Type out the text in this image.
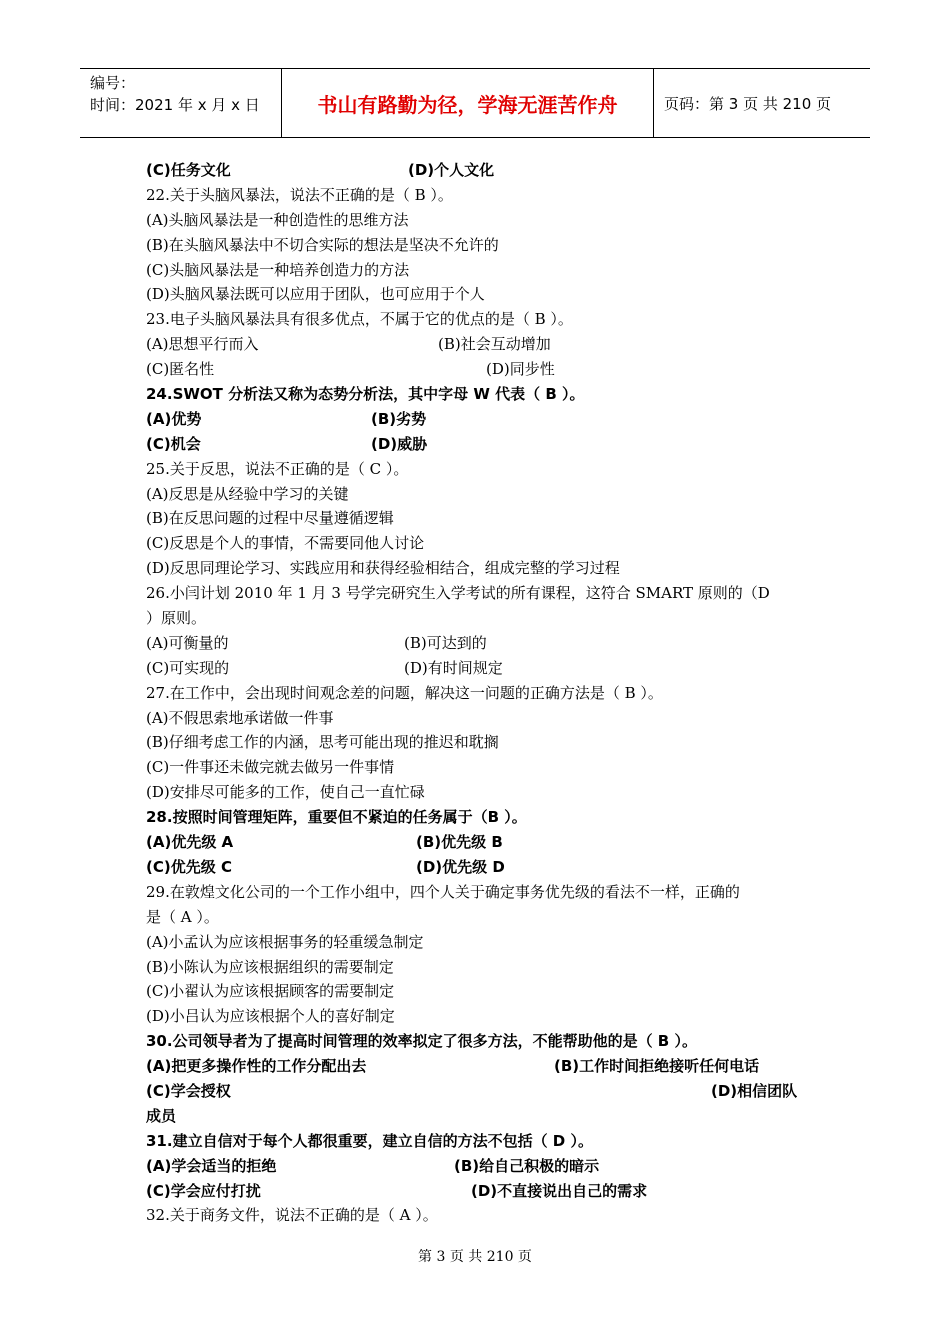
编号：
时间：2021 年 x 月 x 日	书山有路勤为径，学海无涯苦作舟	页码：第 3 页 共 210 页
(C)任务文化	(D)个人文化
22.关于头脑风暴法，说法不正确的是（ B ）。
(A)头脑风暴法是一种创造性的思维方法
(B)在头脑风暴法中不切合实际的想法是坚决不允许的
(C)头脑风暴法是一种培养创造力的方法
(D)头脑风暴法既可以应用于团队，也可应用于个人
23.电子头脑风暴法具有很多优点，不属于它的优点的是（ B ）。
(A)思想平行而入	(B)社会互动增加
(C)匿名性	(D)同步性
24.SWOT 分析法又称为态势分析法，其中字母 W 代表（ B ）。
(A)优势	(B)劣势
(C)机会	(D)威胁
25.关于反思，说法不正确的是（ C ）。
(A)反思是从经验中学习的关键
(B)在反思问题的过程中尽量遵循逻辑
(C)反思是个人的事情，不需要同他人讨论
(D)反思同理论学习、实践应用和获得经验相结合，组成完整的学习过程
26.小闫计划 2010 年 1 月 3 号学完研究生入学考试的所有课程，这符合 SMART 原则的（D
）原则。
(A)可衡量的	(B)可达到的
(C)可实现的	(D)有时间规定
27.在工作中，会出现时间观念差的问题，解决这一问题的正确方法是（ B ）。
(A)不假思索地承诺做一件事
(B)仔细考虑工作的内涵，思考可能出现的推迟和耽搁
(C)一件事还未做完就去做另一件事情
(D)安排尽可能多的工作，使自己一直忙碌
28.按照时间管理矩阵，重要但不紧迫的任务属于（B ）。
(A)优先级 A	(B)优先级 B
(C)优先级 C	(D)优先级 D
29.在敦煌文化公司的一个工作小组中，四个人关于确定事务优先级的看法不一样，正确的
是（ A ）。
(A)小孟认为应该根据事务的轻重缓急制定
(B)小陈认为应该根据组织的需要制定
(C)小翟认为应该根据顾客的需要制定
(D)小吕认为应该根据个人的喜好制定
30.公司领导者为了提高时间管理的效率拟定了很多方法，不能帮助他的是（ B ）。
(A)把更多操作性的工作分配出去	(B)工作时间拒绝接听任何电话
(C)学会授权	(D)相信团队
成员
31.建立自信对于每个人都很重要，建立自信的方法不包括（ D ）。
(A)学会适当的拒绝	(B)给自己积极的暗示
(C)学会应付打扰	(D)不直接说出自己的需求
32.关于商务文件，说法不正确的是（ A ）。
第 3 页 共 210 页
